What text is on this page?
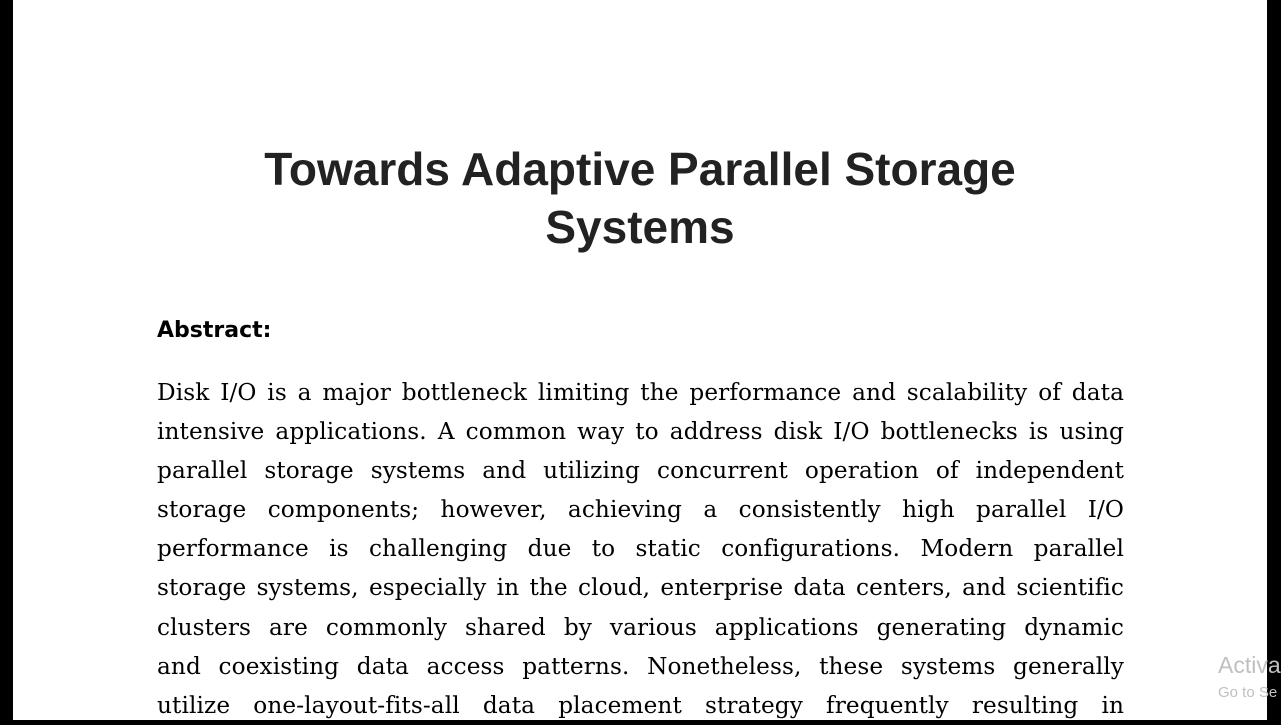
Towards Adaptive Parallel Storage
Systems
Abstract:
Disk I/O is a major bottleneck limiting the performance and scalability of data
intensive applications. A common way to address disk I/O bottlenecks is using
parallel storage systems and utilizing concurrent operation of independent
storage components; however, achieving a consistently high parallel I/O
performance is challenging due to static configurations. Modern parallel
storage systems, especially in the cloud, enterprise data centers, and scientific
clusters are commonly shared by various applications generating dynamic
and coexisting data access patterns. Nonetheless, these systems generally
utilize one-layout-fits-all data placement strategy frequently resulting in
Activa
Go to Se
